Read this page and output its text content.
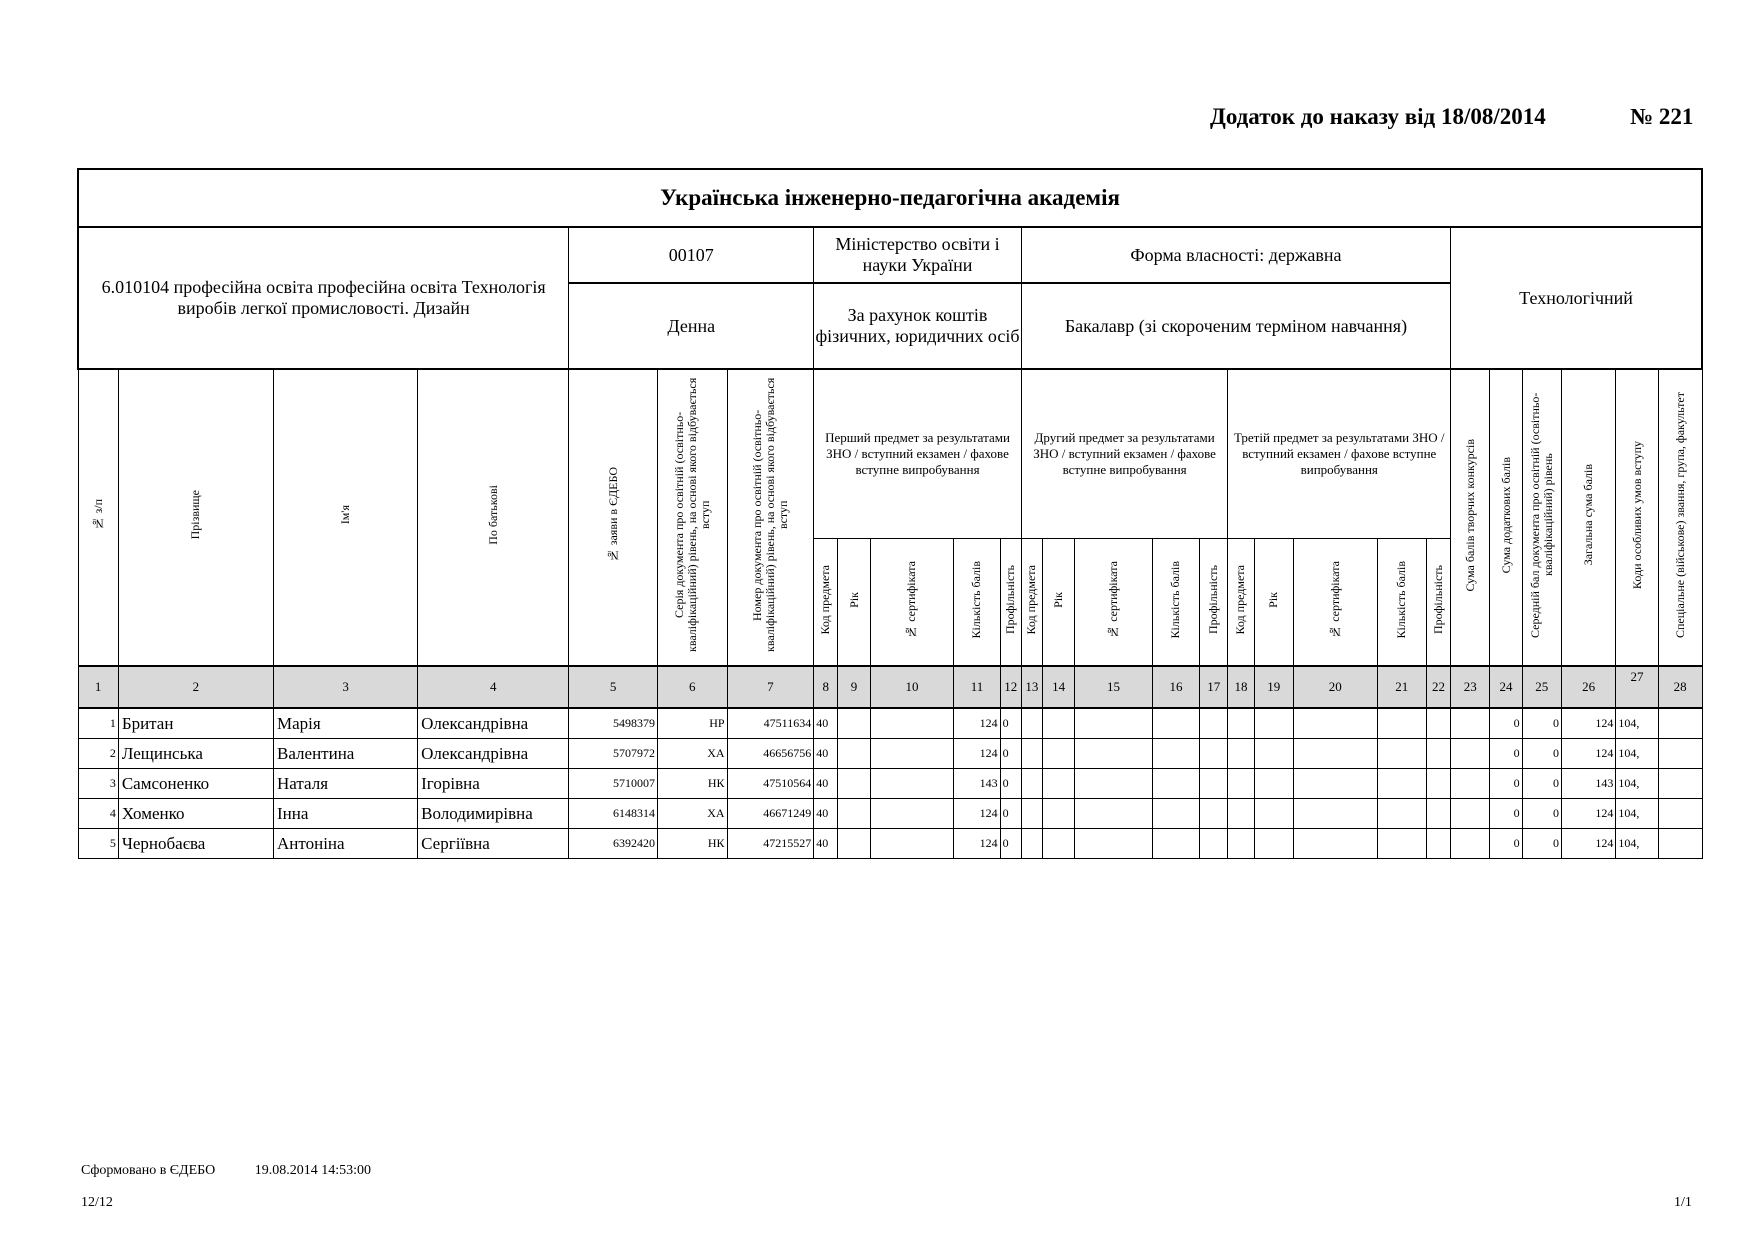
Додаток до наказу від 18/08/2014	№ 221
Українська інженерно-педагогічна академія																											
6.010104 професійна освіта професійна освіта Технологія виробів легкої промисловості. Дизайн				00107			Міністерство освіти і науки України					Форма власності: державна										Технологічний					
				Денна			За рахунок коштів фізичних, юридичних осіб					Бакалавр (зі скороченим терміном навчання)															
№ з/п	Прізвище	Ім'я	По батькові	№ заяви в ЄДЕБО	Серія документа про освітній (освітньо-кваліфікаційний) рівень, на основі якого відбувається вступ	Номер документа про освітній (освітньо-кваліфікаційний) рівень, на основі якого відбувається вступ	Перший предмет за результатами ЗНО / вступний екзамен / фахове вступне випробування					Другий предмет за результатами ЗНО / вступний екзамен / фахове вступне випробування					Третій предмет за результатами ЗНО / вступний екзамен / фахове вступне випробування					Сума балів творчих конкурсів	Сума додаткових балів	Середній бал документа про освітній (освітньо-кваліфікаційний) рівень	Загальна сума балів	Коди особливих умов вступу	Спеціальне (військове) звання, група, факультет
							Код предмета	Рік	№ сертифіката	Кількість балів	Профільність	Код предмета	Рік	№ сертифіката	Кількість балів	Профільність	Код предмета	Рік	№ сертифіката	Кількість балів	Профільність						
1	2	3	4	5	6	7	8	9	10	11	12	13	14	15	16	17	18	19	20	21	22	23	24	25	26	27	28
1	Британ	Марія	Олександрівна	5498379	НР	47511634	40			124	0												0	0	124	104,	
2	Лещинська	Валентина	Олександрівна	5707972	ХА	46656756	40			124	0												0	0	124	104,	
3	Самсоненко	Наталя	Ігорівна	5710007	НК	47510564	40			143	0												0	0	143	104,	
4	Хоменко	Інна	Володимирівна	6148314	ХА	46671249	40			124	0												0	0	124	104,	
5	Чернобаєва	Антоніна	Сергіївна	6392420	НК	47215527	40			124	0												0	0	124	104,	
Сформовано в ЄДЕБО	19.08.2014 14:53:00
12/12	1/1
